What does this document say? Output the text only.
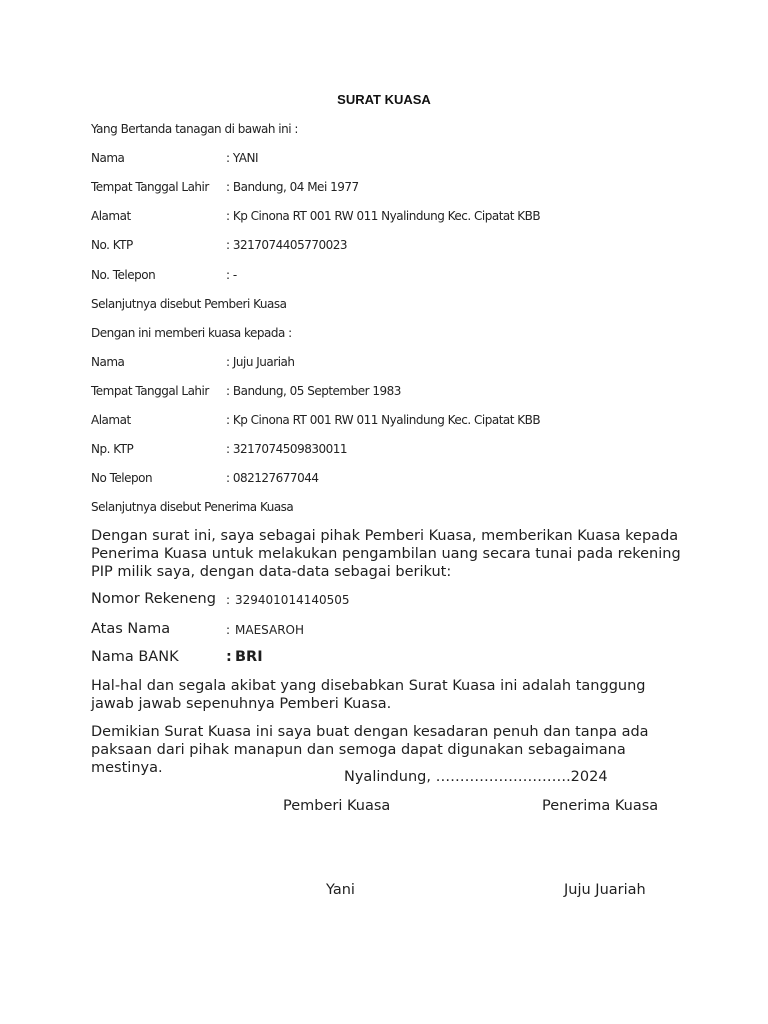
SURAT KUASA
Yang Bertanda tanagan di bawah ini :
Nama	: YANI
Tempat Tanggal Lahir : Bandung, 04 Mei 1977
Alamat	: Kp Cinona RT 001 RW 011 Nyalindung Kec. Cipatat KBB
No. KTP	: 3217074405770023
No. Telepon	: -
Selanjutnya disebut Pemberi Kuasa
Dengan ini memberi kuasa kepada :
Nama	: Juju Juariah
Tempat Tanggal Lahir : Bandung, 05 September 1983
Alamat	: Kp Cinona RT 001 RW 011 Nyalindung Kec. Cipatat KBB
Np. KTP	: 3217074509830011
No Telepon	: 082127677044
Selanjutnya disebut Penerima Kuasa
Dengan surat ini, saya sebagai pihak Pemberi Kuasa, memberikan Kuasa kepada Penerima Kuasa untuk melakukan pengambilan uang secara tunai pada rekening PIP milik saya, dengan data-data sebagai berikut:
Nomor Rekeneng : 329401014140505
Atas Nama	: MAESAROH
Nama BANK	: BRI
Hal-hal dan segala akibat yang disebabkan Surat Kuasa ini adalah tanggung jawab jawab sepenuhnya Pemberi Kuasa.
Demikian Surat Kuasa ini saya buat dengan kesadaran penuh dan tanpa ada paksaan dari pihak manapun dan semoga dapat digunakan sebagaimana mestinya.
Nyalindung, ……………………….2024
Pemberi Kuasa	Penerima Kuasa
Yani	Juju Juariah
